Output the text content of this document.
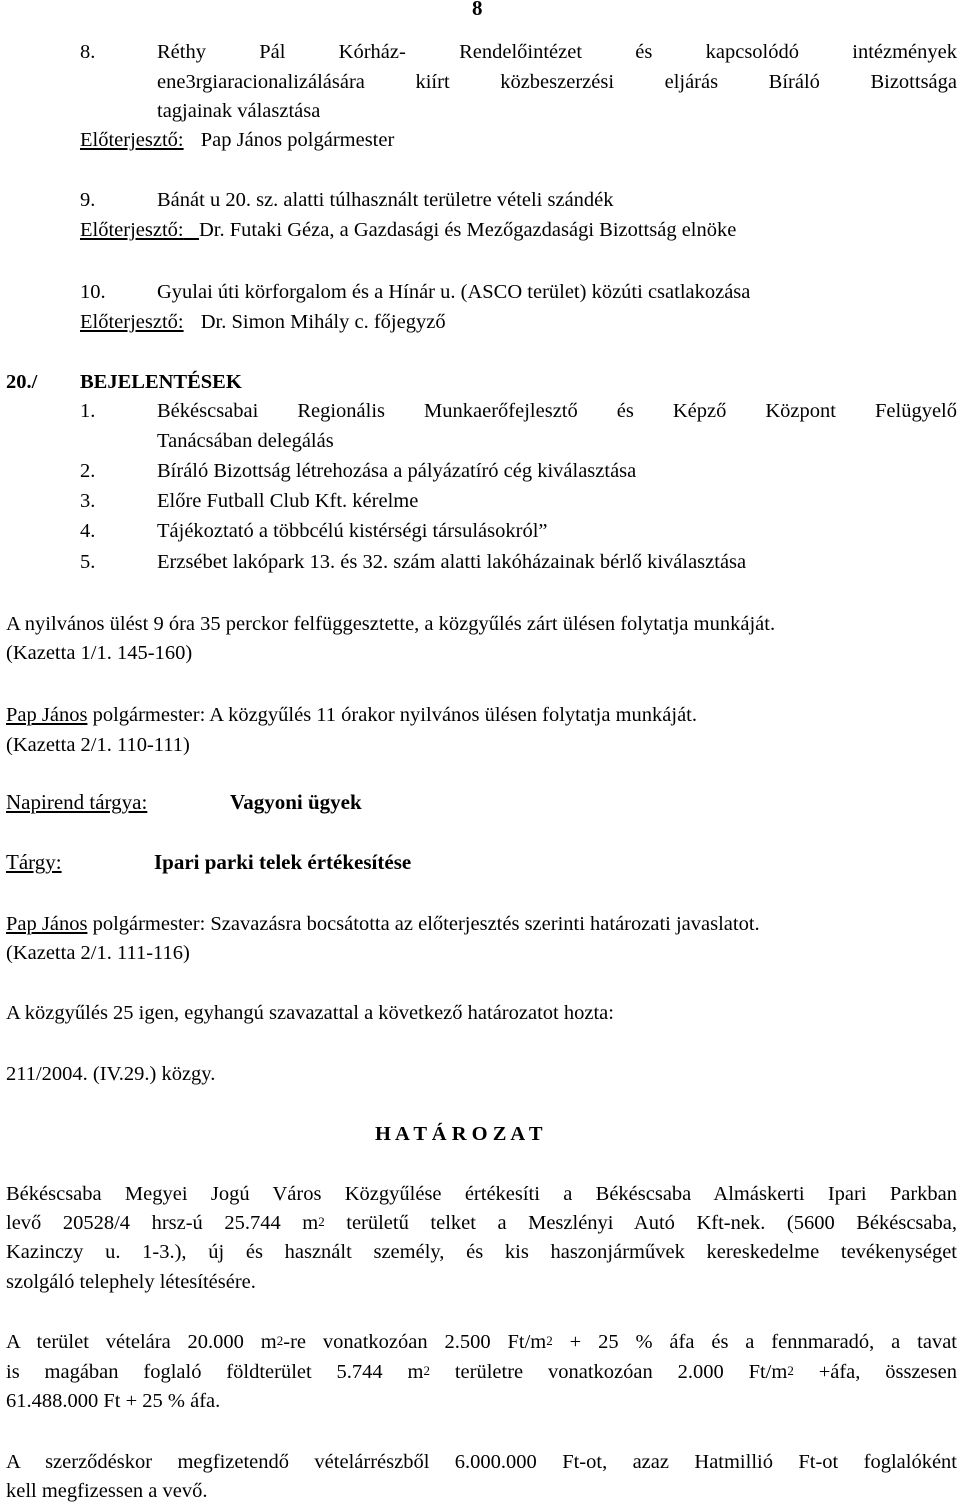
8
8.	Réthy Pál Kórház- Rendelőintézet és kapcsolódó intézmények
ene3rgiaracionalizálására kiírt közbeszerzési eljárás Bíráló Bizottsága
tagjainak választása
Előterjesztő: Pap János polgármester
9.	Bánát u 20. sz. alatti túlhasznált területre vételi szándék
Előterjesztő: Dr. Futaki Géza, a Gazdasági és Mezőgazdasági Bizottság elnöke
10.	Gyulai úti körforgalom és a Hínár u. (ASCO terület) közúti csatlakozása
Előterjesztő: Dr. Simon Mihály c. főjegyző
20./ BEJELENTÉSEK
1.	Békéscsabai Regionális Munkaerőfejlesztő és Képző Központ Felügyelő
Tanácsában delegálás
2.	Bíráló Bizottság létrehozása a pályázatíró cég kiválasztása
3.	Előre Futball Club Kft. kérelme
4.	Tájékoztató a többcélú kistérségi társulásokról”
5.	Erzsébet lakópark 13. és 32. szám alatti lakóházainak bérlő kiválasztása
A nyilvános ülést 9 óra 35 perckor felfüggesztette, a közgyűlés zárt ülésen folytatja munkáját.
(Kazetta 1/1. 145-160)
Pap János polgármester: A közgyűlés 11 órakor nyilvános ülésen folytatja munkáját.
(Kazetta 2/1. 110-111)
Napirend tárgya:	Vagyoni ügyek
Tárgy:	Ipari parki telek értékesítése
Pap János polgármester: Szavazásra bocsátotta az előterjesztés szerinti határozati javaslatot.
(Kazetta 2/1. 111-116)
A közgyűlés 25 igen, egyhangú szavazattal a következő határozatot hozta:
211/2004. (IV.29.) közgy.
H A T Á R O Z A T
Békéscsaba Megyei Jogú Város Közgyűlése értékesíti a Békéscsaba Almáskerti Ipari Parkban
levő 20528/4 hrsz-ú 25.744 $m^2$ területű telket a Meszlényi Autó Kft-nek. (5600 Békéscsaba,
Kazinczy u. 1-3.), új és használt személy, és kis haszonjárművek kereskedelme tevékenységet
szolgáló telephely létesítésére.
A terület vételára 20.000 $m^2-re$ vonatkozóan 2.500 $Ft/m^2 + 25$ % áfa és a fennmaradó, a tavat
is magában foglaló földterület 5.744 $m^2$ területre vonatkozóan 2.000 $Ft/m^2$ +áfa, összesen
61.488.000 Ft + 25 % áfa.
A szerződéskor megfizetendő vételárrészből 6.000.000 Ft-ot, azaz Hatmillió Ft-ot foglalóként
kell megfizessen a vevő.
